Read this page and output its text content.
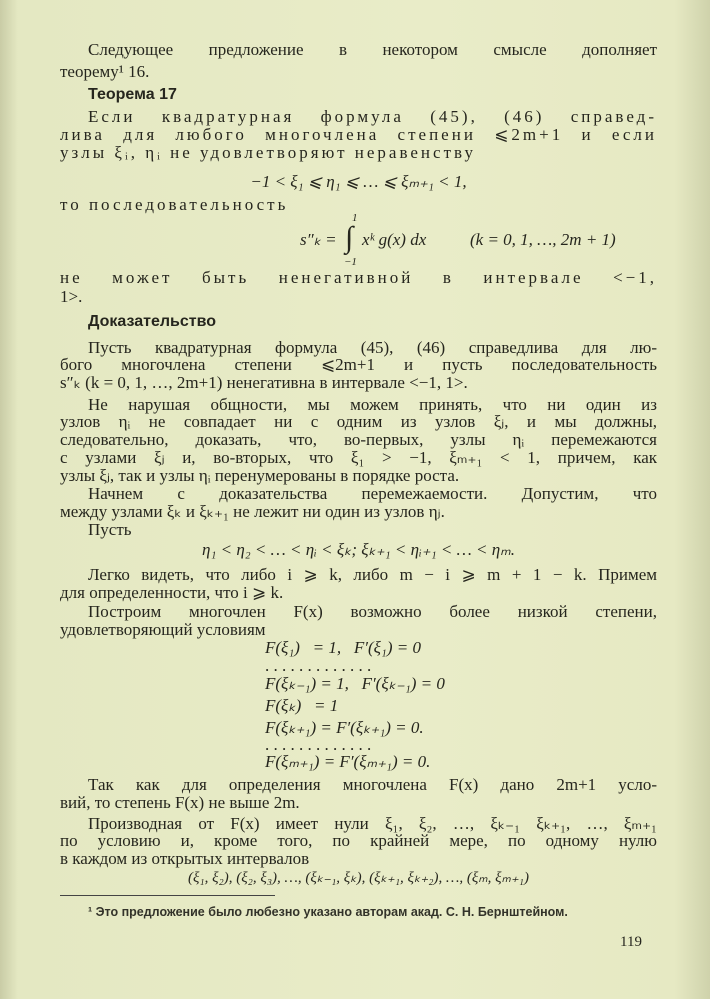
Следующее предложение в некотором смысле дополняет
теорему¹ 16.
Теорема 17
Если квадратурная формула (45), (46) справед-
лива для любого многочлена степени ⩽2m+1 и если
узлы ξᵢ, ηᵢ не удовлетворяют неравенству
−1 < ξ₁ ⩽ η₁ ⩽ … ⩽ ξₘ₊₁ < 1,
то последовательность
s″ₖ = ∫
1
−1
xᵏ g(x) dx	(k = 0, 1, …, 2m + 1)
не может быть ненегативной в интервале <−1,
1>.
Доказательство
Пусть квадратурная формула (45), (46) справедлива для лю-
бого многочлена степени ⩽2m+1 и пусть последовательность
s″ₖ (k = 0, 1, …, 2m+1) ненегативна в интервале <−1, 1>.
Не нарушая общности, мы можем принять, что ни один из
узлов ηᵢ не совпадает ни с одним из узлов ξⱼ, и мы должны,
следовательно, доказать, что, во-первых, узлы ηᵢ перемежаются
с узлами ξⱼ и, во-вторых, что ξ₁ > −1, ξₘ₊₁ < 1, причем, как
узлы ξⱼ, так и узлы ηᵢ перенумерованы в порядке роста.
Начнем с доказательства перемежаемости. Допустим, что
между узлами ξₖ и ξₖ₊₁ не лежит ни один из узлов ηⱼ.
Пусть
η₁ < η₂ < … < ηᵢ < ξₖ; ξₖ₊₁ < ηᵢ₊₁ < … < ηₘ.
Легко видеть, что либо i ⩾ k, либо m − i ⩾ m + 1 − k. Примем
для определенности, что i ⩾ k.
Построим многочлен F(x) возможно более низкой степени,
удовлетворяющий условиям
F(ξ₁)   = 1,   F′(ξ₁) = 0
. . . . . . . . . . . . .
F(ξₖ₋₁) = 1,   F′(ξₖ₋₁) = 0
F(ξₖ)   = 1
F(ξₖ₊₁) = F′(ξₖ₊₁) = 0.
. . . . . . . . . . . . .
F(ξₘ₊₁) = F′(ξₘ₊₁) = 0.
Так как для определения многочлена F(x) дано 2m+1 усло-
вий, то степень F(x) не выше 2m.
Производная от F(x) имеет нули ξ₁, ξ₂, …, ξₖ₋₁ ξₖ₊₁, …, ξₘ₊₁
по условию и, кроме того, по крайней мере, по одному нулю
в каждом из открытых интервалов
(ξ₁, ξ₂), (ξ₂, ξ₃), …, (ξₖ₋₁, ξₖ), (ξₖ₊₁, ξₖ₊₂), …, (ξₘ, ξₘ₊₁)
¹ Это предложение было любезно указано авторам акад. С. Н. Бернштейном.
119
